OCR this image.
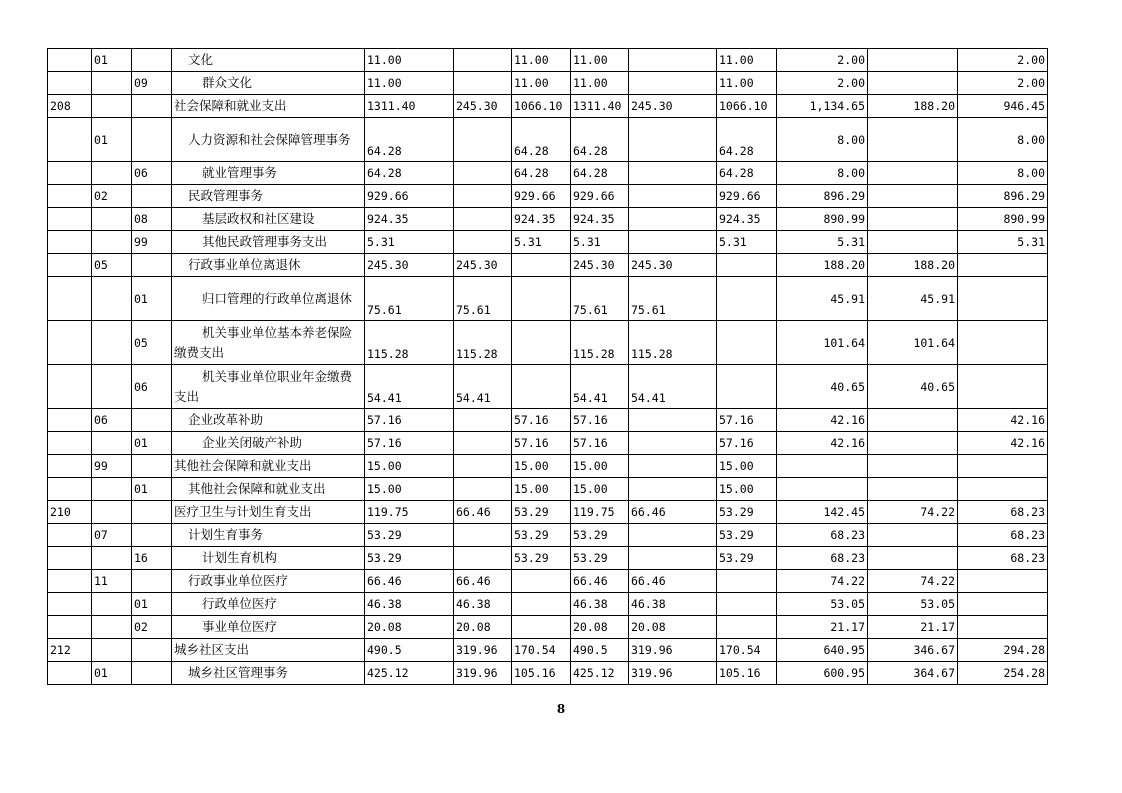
	01		文化	11.00		11.00	11.00		11.00	2.00		2.00
		09	群众文化	11.00		11.00	11.00		11.00	2.00		2.00
208			社会保障和就业支出	1311.40	245.30	1066.10	1311.40	245.30	1066.10	1,134.65	188.20	946.45
	01		人力资源和社会保障管理事务	64.28		64.28	64.28		64.28	8.00		8.00
		06	就业管理事务	64.28		64.28	64.28		64.28	8.00		8.00
	02		民政管理事务	929.66		929.66	929.66		929.66	896.29		896.29
		08	基层政权和社区建设	924.35		924.35	924.35		924.35	890.99		890.99
		99	其他民政管理事务支出	5.31		5.31	5.31		5.31	5.31		5.31
	05		行政事业单位离退休	245.30	245.30		245.30	245.30		188.20	188.20	
		01	归口管理的行政单位离退休	75.61	75.61		75.61	75.61		45.91	45.91	
		05	机关事业单位基本养老保险缴费支出	115.28	115.28		115.28	115.28		101.64	101.64	
		06	机关事业单位职业年金缴费支出	54.41	54.41		54.41	54.41		40.65	40.65	
	06		企业改革补助	57.16		57.16	57.16		57.16	42.16		42.16
		01	企业关闭破产补助	57.16		57.16	57.16		57.16	42.16		42.16
	99		其他社会保障和就业支出	15.00		15.00	15.00		15.00			
		01	其他社会保障和就业支出	15.00		15.00	15.00		15.00			
210			医疗卫生与计划生育支出	119.75	66.46	53.29	119.75	66.46	53.29	142.45	74.22	68.23
	07		计划生育事务	53.29		53.29	53.29		53.29	68.23		68.23
		16	计划生育机构	53.29		53.29	53.29		53.29	68.23		68.23
	11		行政事业单位医疗	66.46	66.46		66.46	66.46		74.22	74.22	
		01	行政单位医疗	46.38	46.38		46.38	46.38		53.05	53.05	
		02	事业单位医疗	20.08	20.08		20.08	20.08		21.17	21.17	
212			城乡社区支出	490.5	319.96	170.54	490.5	319.96	170.54	640.95	346.67	294.28
	01		城乡社区管理事务	425.12	319.96	105.16	425.12	319.96	105.16	600.95	364.67	254.28
8
